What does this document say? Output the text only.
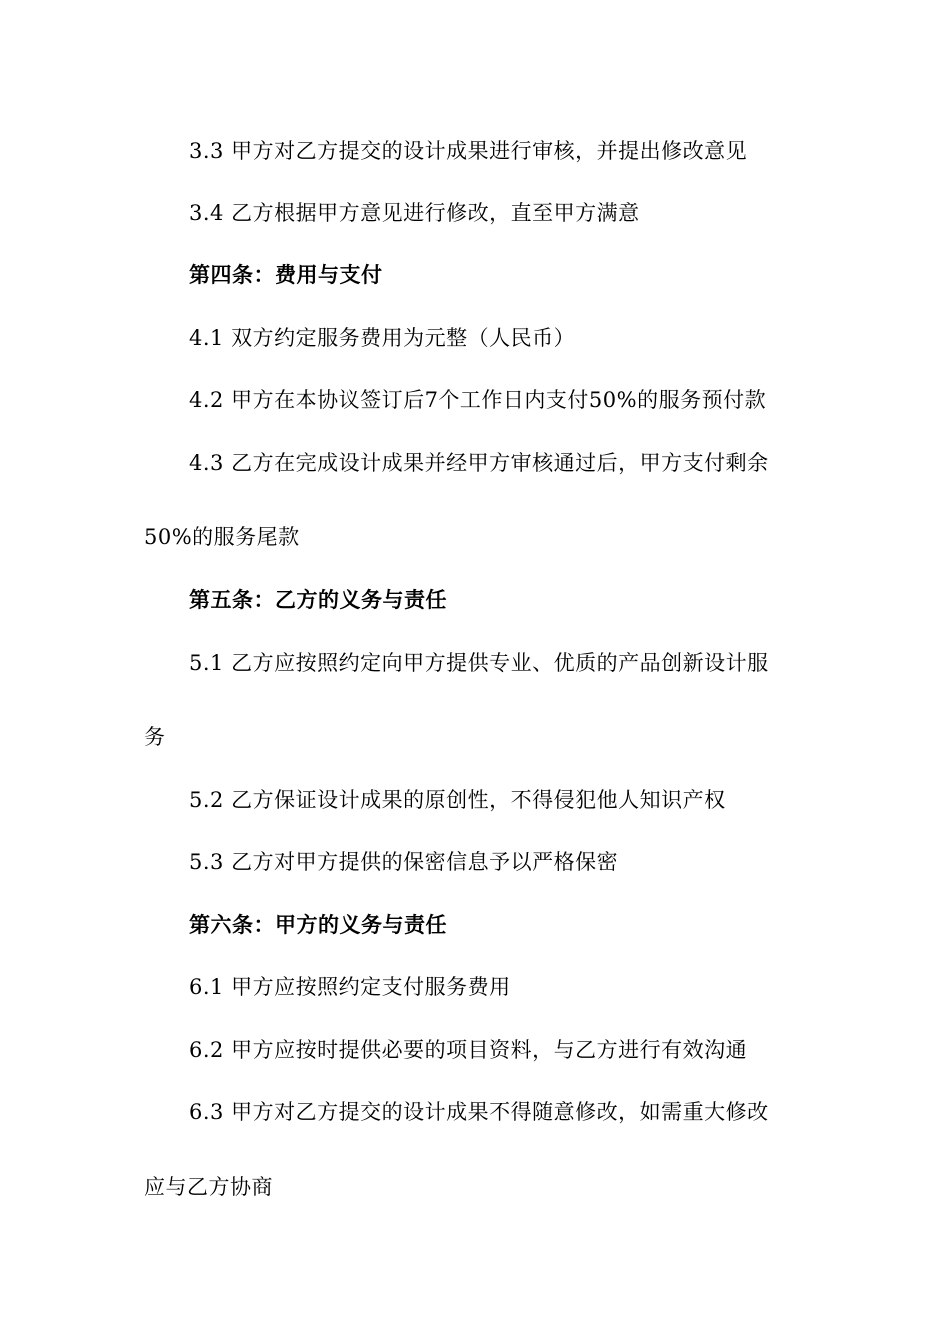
3.3 甲方对乙方提交的设计成果进行审核，并提出修改意见
3.4 乙方根据甲方意见进行修改，直至甲方满意
第四条：费用与支付
4.1 双方约定服务费用为元整（人民币）
4.2 甲方在本协议签订后7个工作日内支付50%的服务预付款
4.3 乙方在完成设计成果并经甲方审核通过后，甲方支付剩余
50%的服务尾款
第五条：乙方的义务与责任
5.1 乙方应按照约定向甲方提供专业、优质的产品创新设计服
务
5.2 乙方保证设计成果的原创性，不得侵犯他人知识产权
5.3 乙方对甲方提供的保密信息予以严格保密
第六条：甲方的义务与责任
6.1 甲方应按照约定支付服务费用
6.2 甲方应按时提供必要的项目资料，与乙方进行有效沟通
6.3 甲方对乙方提交的设计成果不得随意修改，如需重大修改
应与乙方协商
